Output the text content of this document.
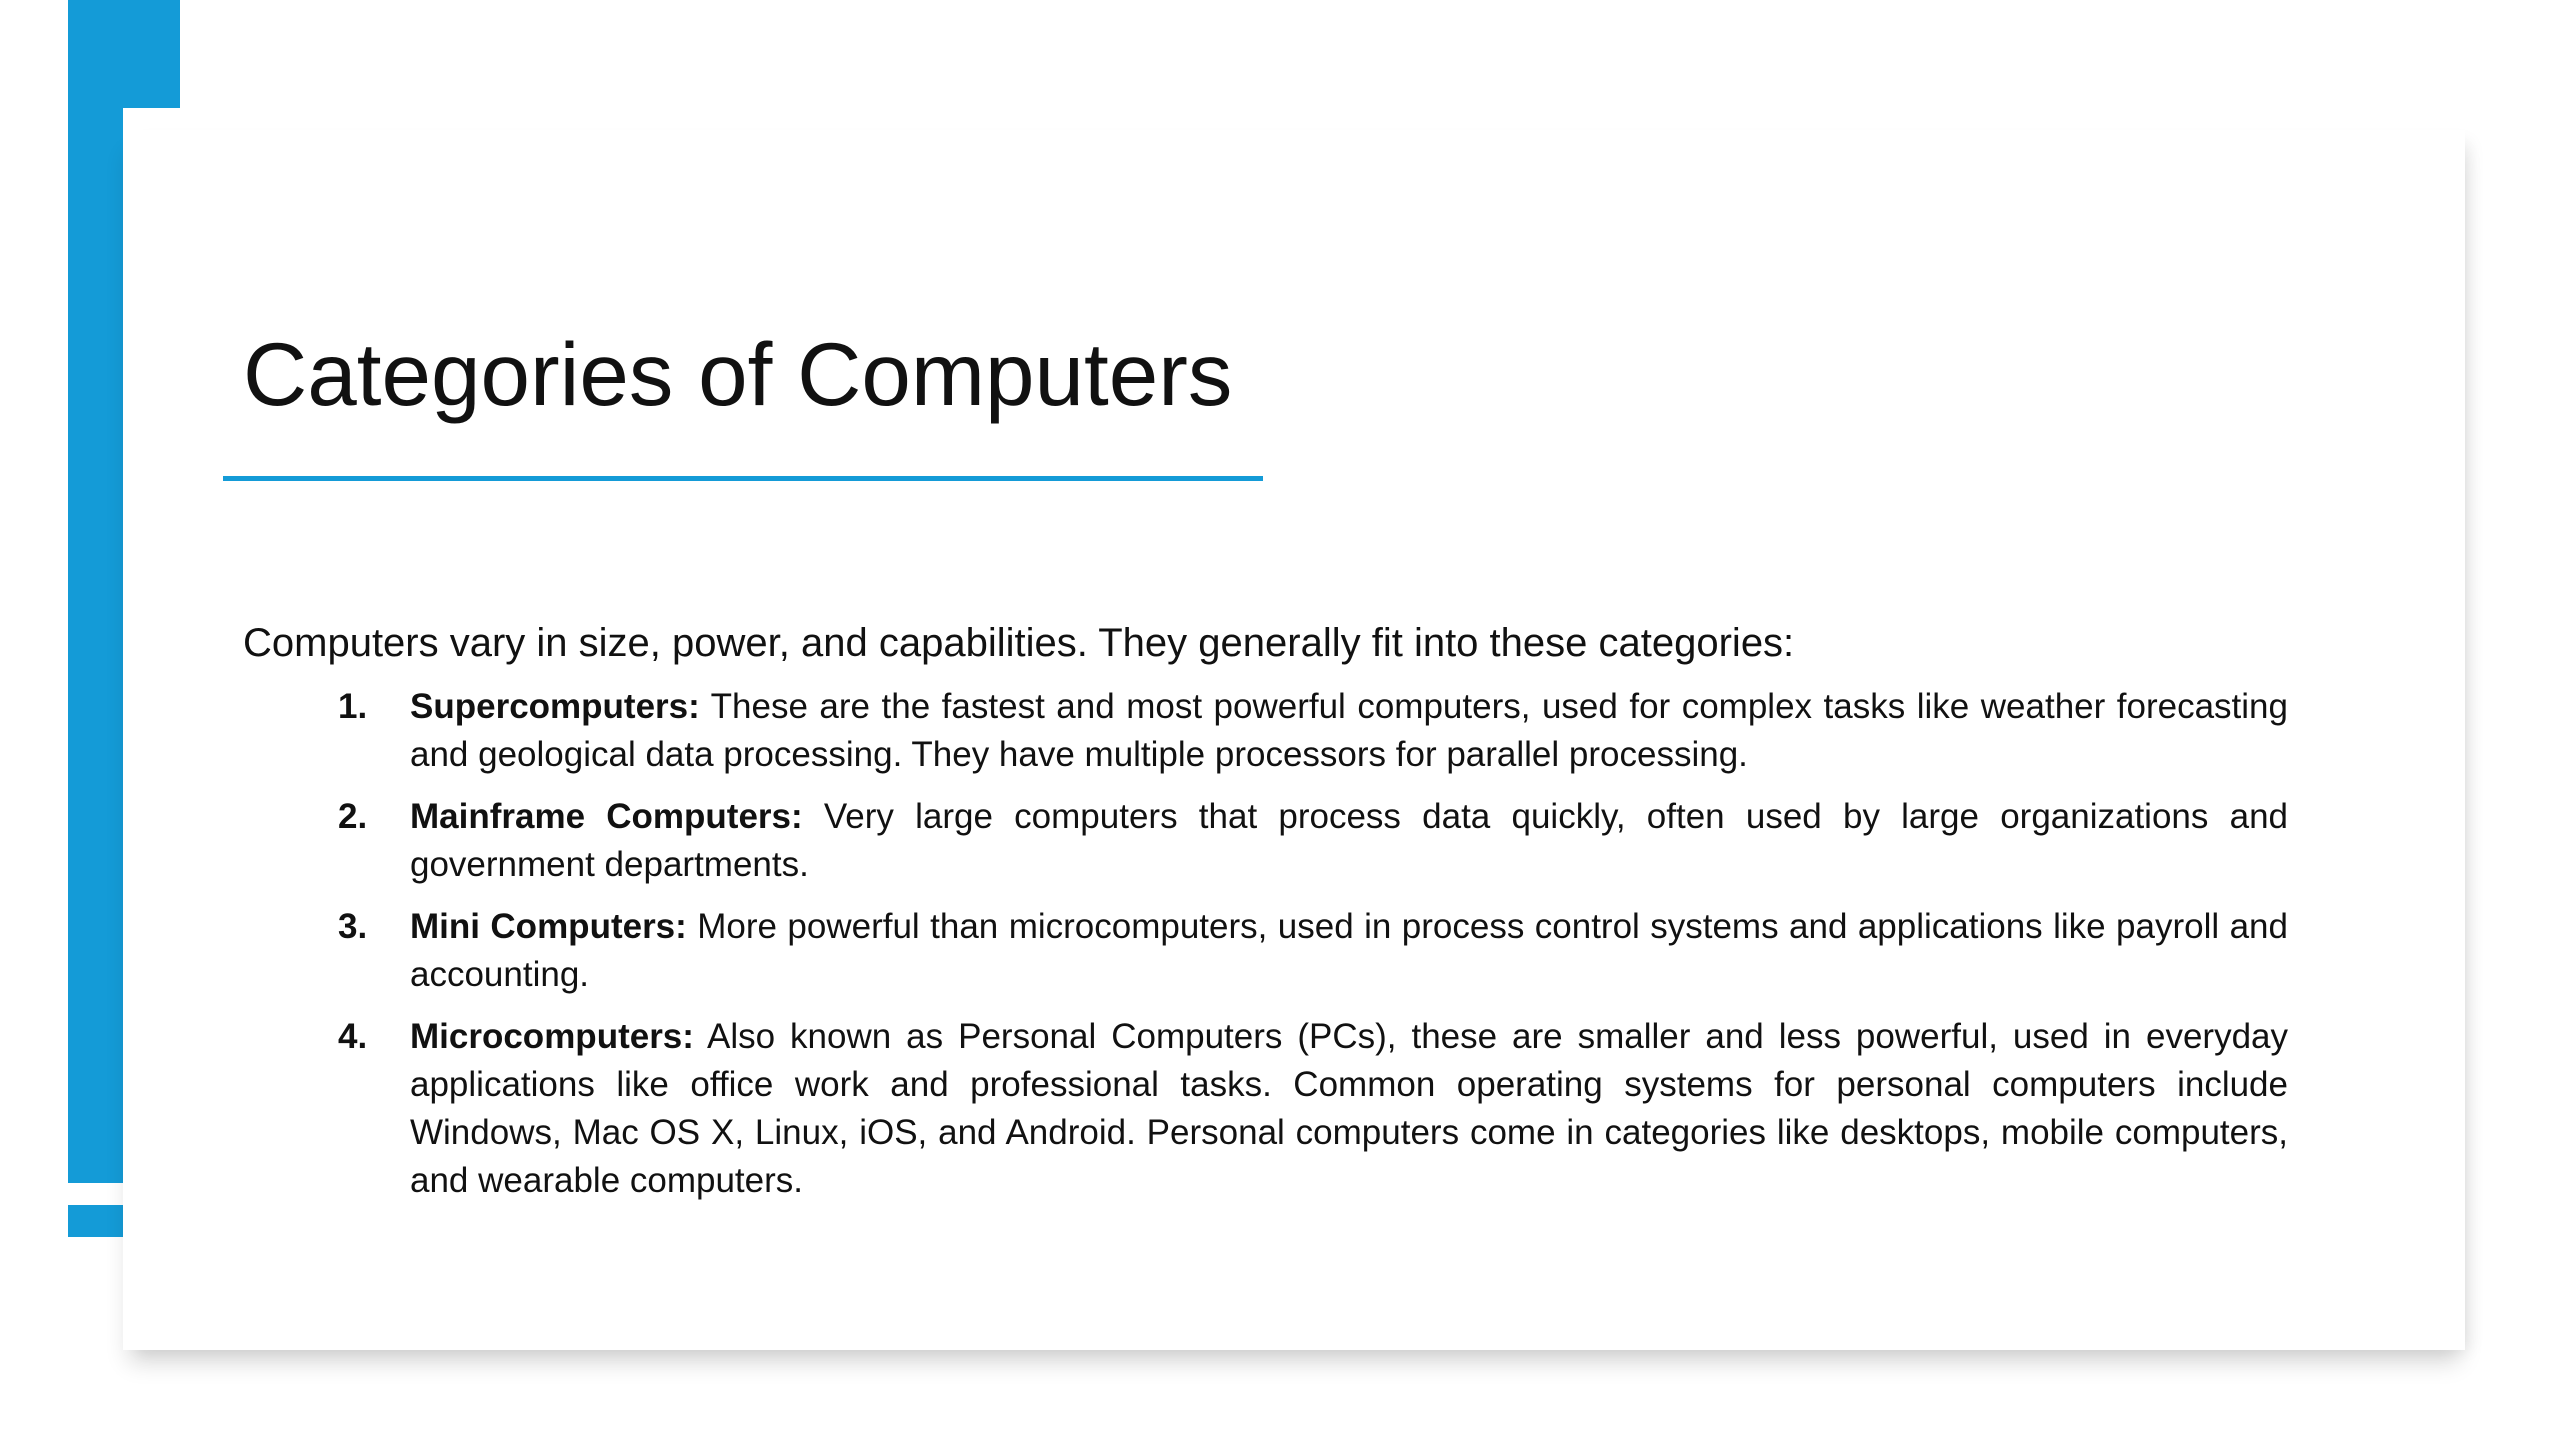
Categories of Computers

Computers vary in size, power, and capabilities. They generally fit into these categories:

1. Supercomputers: These are the fastest and most powerful computers, used for complex tasks like weather forecasting and geological data processing. They have multiple processors for parallel processing.
2. Mainframe Computers: Very large computers that process data quickly, often used by large organizations and government departments.
3. Mini Computers: More powerful than microcomputers, used in process control systems and applications like payroll and accounting.
4. Microcomputers: Also known as Personal Computers (PCs), these are smaller and less powerful, used in everyday applications like office work and professional tasks. Common operating systems for personal computers include Windows, Mac OS X, Linux, iOS, and Android. Personal computers come in categories like desktops, mobile computers, and wearable computers.
